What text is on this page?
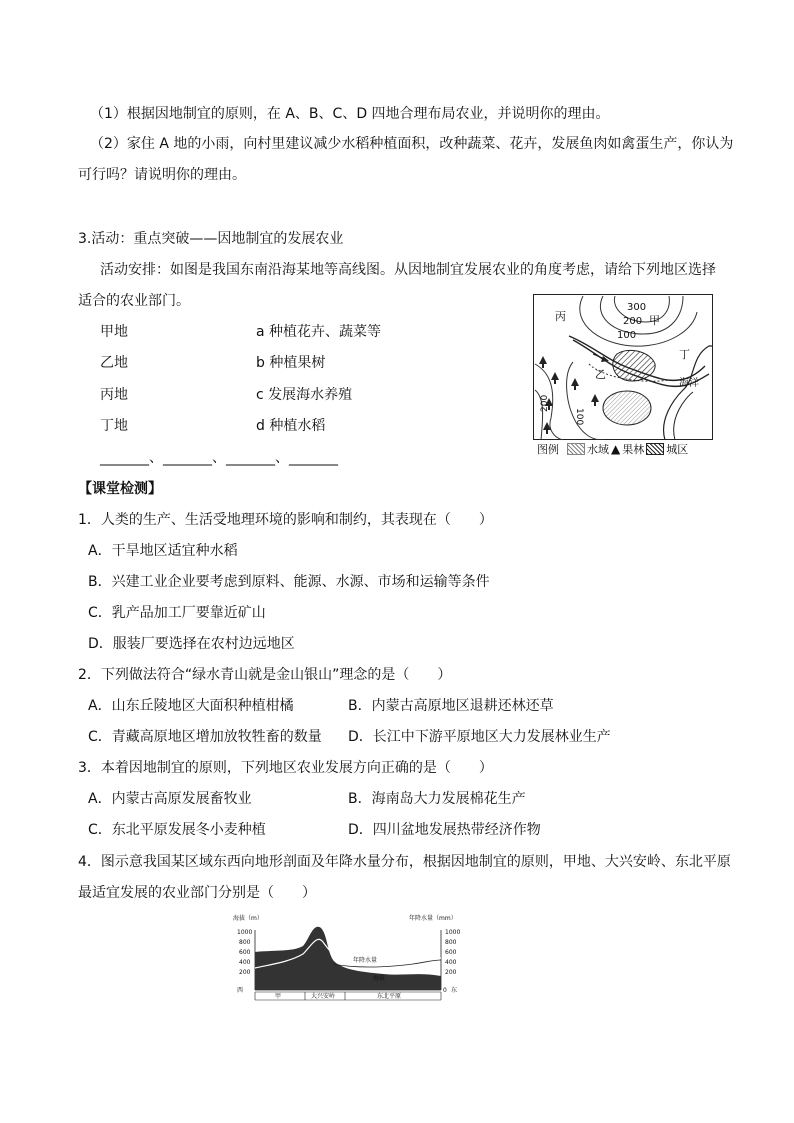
（1）根据因地制宜的原则，在 A、B、C、D 四地合理布局农业，并说明你的理由。
（2）家住 A 地的小雨，向村里建议减少水稻种植面积，改种蔬菜、花卉，发展鱼肉如禽蛋生产，你认为
可行吗？请说明你的理由。
3.活动：重点突破——因地制宜的发展农业
活动安排：如图是我国东南沿海某地等高线图。从因地制宜发展农业的角度考虑，请给下列地区选择
适合的农业部门。
甲地	a 种植花卉、蔬菜等
乙地	b 种植果树
丙地	c 发展海水养殖
丁地	d 种植水稻
_______、_______、_______、_______
丙
300
200 甲
100
乙
丁
海洋
200
100
图例	水域 ▲ 果林 城区
【课堂检测】
1．人类的生产、生活受地理环境的影响和制约，其表现在（　　）
A．干旱地区适宜种水稻
B．兴建工业企业要考虑到原料、能源、水源、市场和运输等条件
C．乳产品加工厂要靠近矿山
D．服装厂要选择在农村边远地区
2．下列做法符合“绿水青山就是金山银山”理念的是（　　）
A．山东丘陵地区大面积种植柑橘	B．内蒙古高原地区退耕还林还草
C．青藏高原地区增加放牧牲畜的数量 D．长江中下游平原地区大力发展林业生产
3．本着因地制宜的原则，下列地区农业发展方向正确的是（　　）
A．内蒙古高原发展畜牧业	B．海南岛大力发展棉花生产
C．东北平原发展冬小麦种植	D．四川盆地发展热带经济作物
4．图示意我国某区域东西向地形剖面及年降水量分布，根据因地制宜的原则，甲地、大兴安岭、东北平原
最适宜发展的农业部门分别是（　　）
海拔（m）	年降水量（mm）
1000
800
600
400
200
西
1000
800
600
400
200
0 东
年降水量
海拔
甲	大兴安岭	东北平原
